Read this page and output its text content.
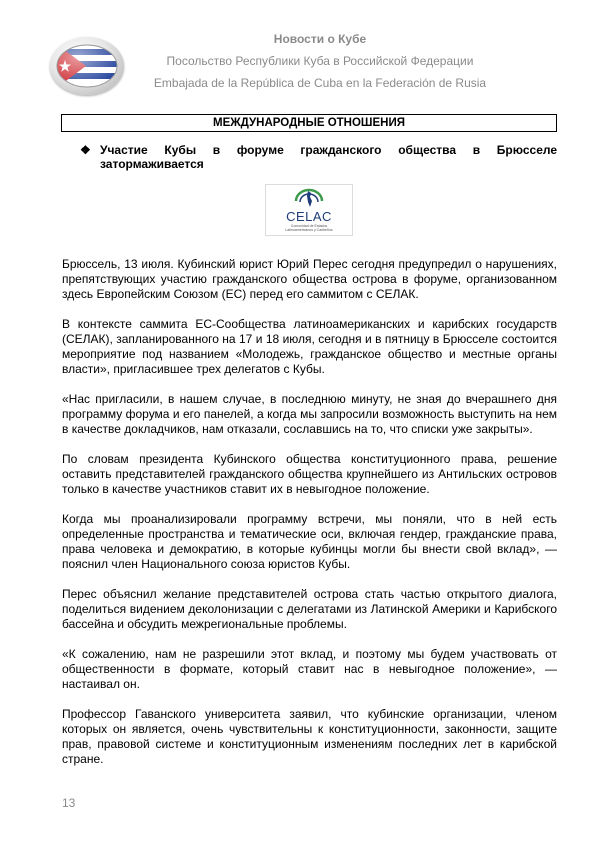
Новости о Кубе
Посольство Республики Куба в Российской Федерации
Embajada de la República de Cuba en la Federación de Rusia
МЕЖДУНАРОДНЫЕ ОТНОШЕНИЯ
❖ Участие Кубы в форуме гражданского общества в Брюсселе затормаживается
CELAC
Comunidad de Estados
Latinoamericanos y Caribeños

Брюссель, 13 июля. Кубинский юрист Юрий Перес сегодня предупредил о нарушениях, препятствующих участию гражданского общества острова в форуме, организованном здесь Европейским Союзом (ЕС) перед его саммитом с СЕЛАК.

В контексте саммита ЕС-Сообщества латиноамериканских и карибских государств (СЕЛАК), запланированного на 17 и 18 июля, сегодня и в пятницу в Брюсселе состоится мероприятие под названием «Молодежь, гражданское общество и местные органы власти», пригласившее трех делегатов с Кубы.

«Нас пригласили, в нашем случае, в последнюю минуту, не зная до вчерашнего дня программу форума и его панелей, а когда мы запросили возможность выступить на нем в качестве докладчиков, нам отказали, сославшись на то, что списки уже закрыты».

По словам президента Кубинского общества конституционного права, решение оставить представителей гражданского общества крупнейшего из Антильских островов только в качестве участников ставит их в невыгодное положение.

Когда мы проанализировали программу встречи, мы поняли, что в ней есть определенные пространства и тематические оси, включая гендер, гражданские права, права человека и демократию, в которые кубинцы могли бы внести свой вклад», — пояснил член Национального союза юристов Кубы.

Перес объяснил желание представителей острова стать частью открытого диалога, поделиться видением деколонизации с делегатами из Латинской Америки и Карибского бассейна и обсудить межрегиональные проблемы.

«К сожалению, нам не разрешили этот вклад, и поэтому мы будем участвовать от общественности в формате, который ставит нас в невыгодное положение», — настаивал он.

Профессор Гаванского университета заявил, что кубинские организации, членом которых он является, очень чувствительны к конституционности, законности, защите прав, правовой системе и конституционным изменениям последних лет в карибской стране.

13
